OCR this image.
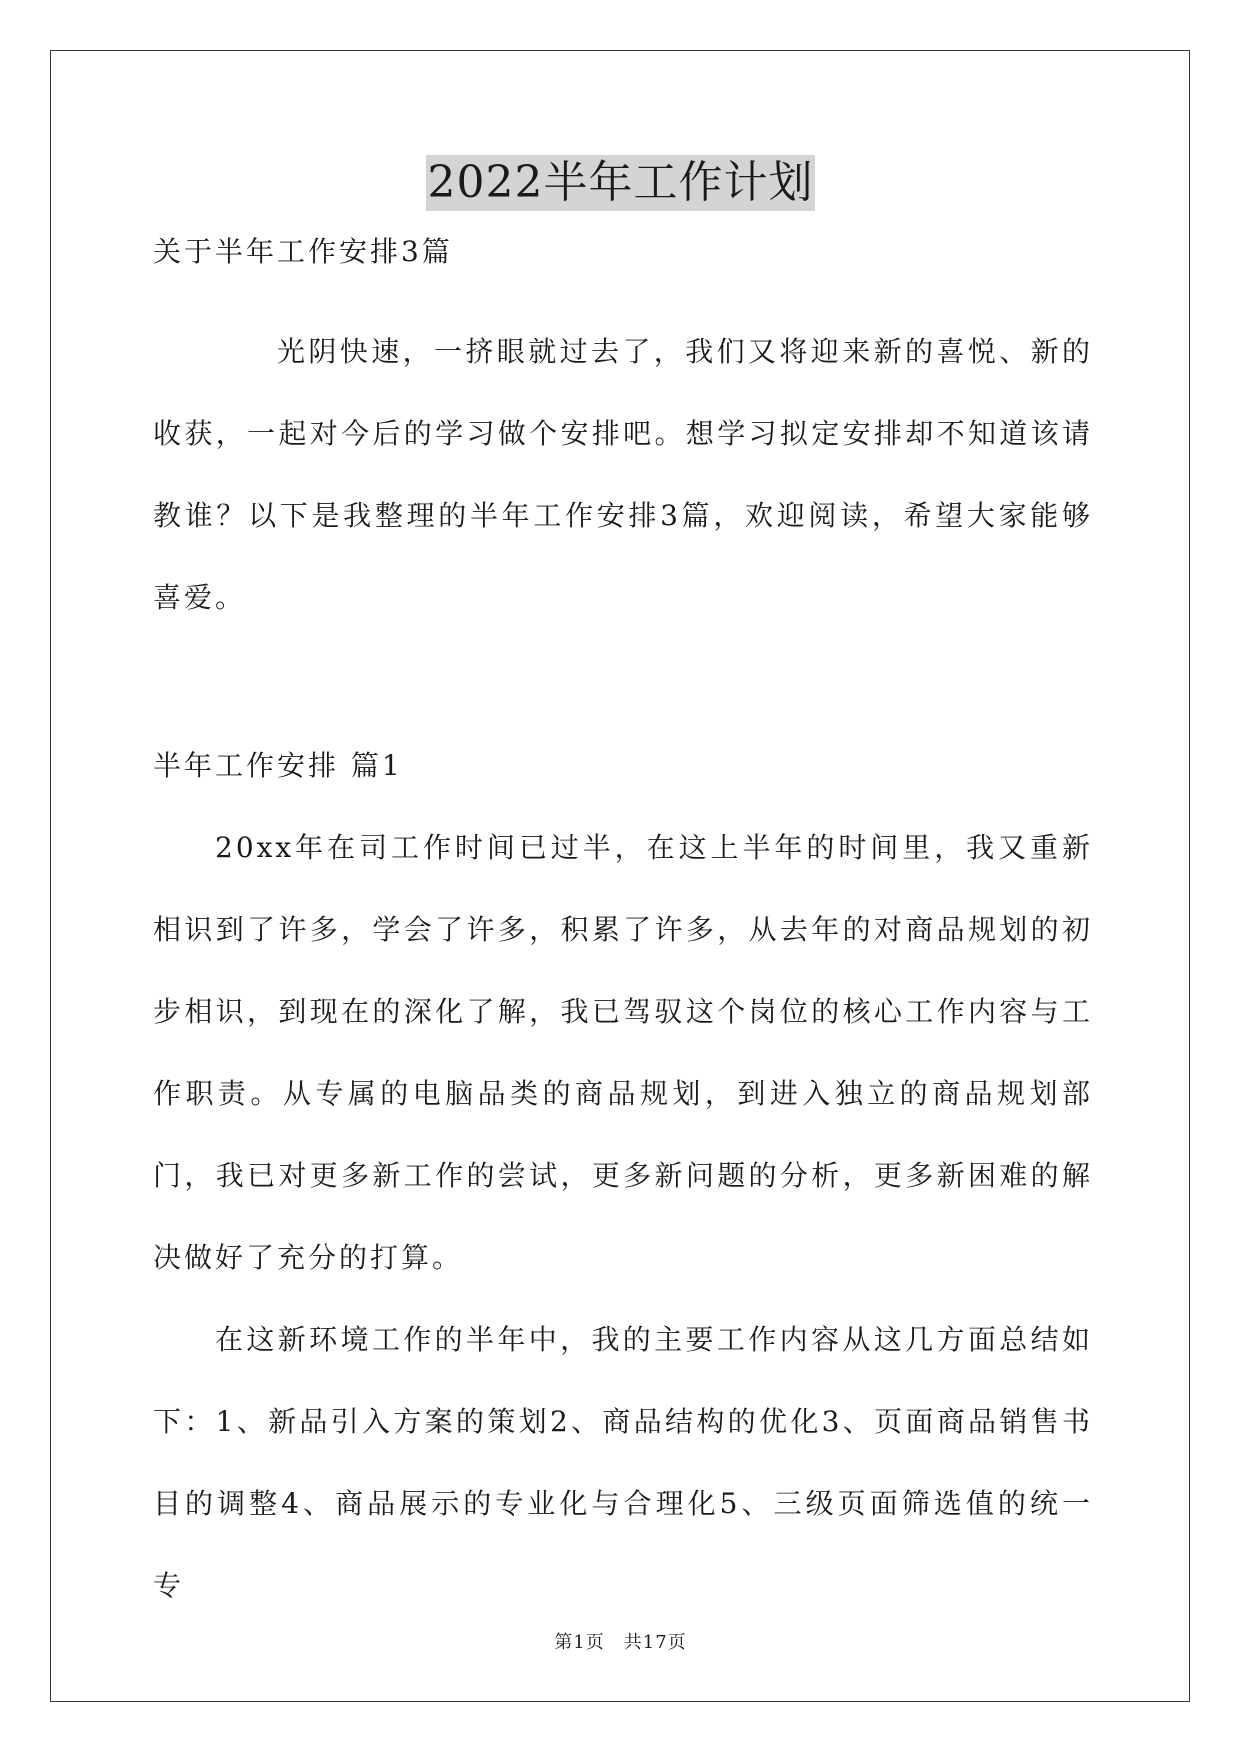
2022半年工作计划

关于半年工作安排3篇

光阴快速，一挤眼就过去了，我们又将迎来新的喜悦、新的收获，一起对今后的学习做个安排吧。想学习拟定安排却不知道该请教谁？以下是我整理的半年工作安排3篇，欢迎阅读，希望大家能够喜爱。

半年工作安排 篇1

20xx年在司工作时间已过半，在这上半年的时间里，我又重新相识到了许多，学会了许多，积累了许多，从去年的对商品规划的初步相识，到现在的深化了解，我已驾驭这个岗位的核心工作内容与工作职责。从专属的电脑品类的商品规划，到进入独立的商品规划部门，我已对更多新工作的尝试，更多新问题的分析，更多新困难的解决做好了充分的打算。

在这新环境工作的半年中，我的主要工作内容从这几方面总结如下：1、新品引入方案的策划2、商品结构的优化3、页面商品销售书目的调整4、商品展示的专业化与合理化5、三级页面筛选值的统一专

第1页　共17页
